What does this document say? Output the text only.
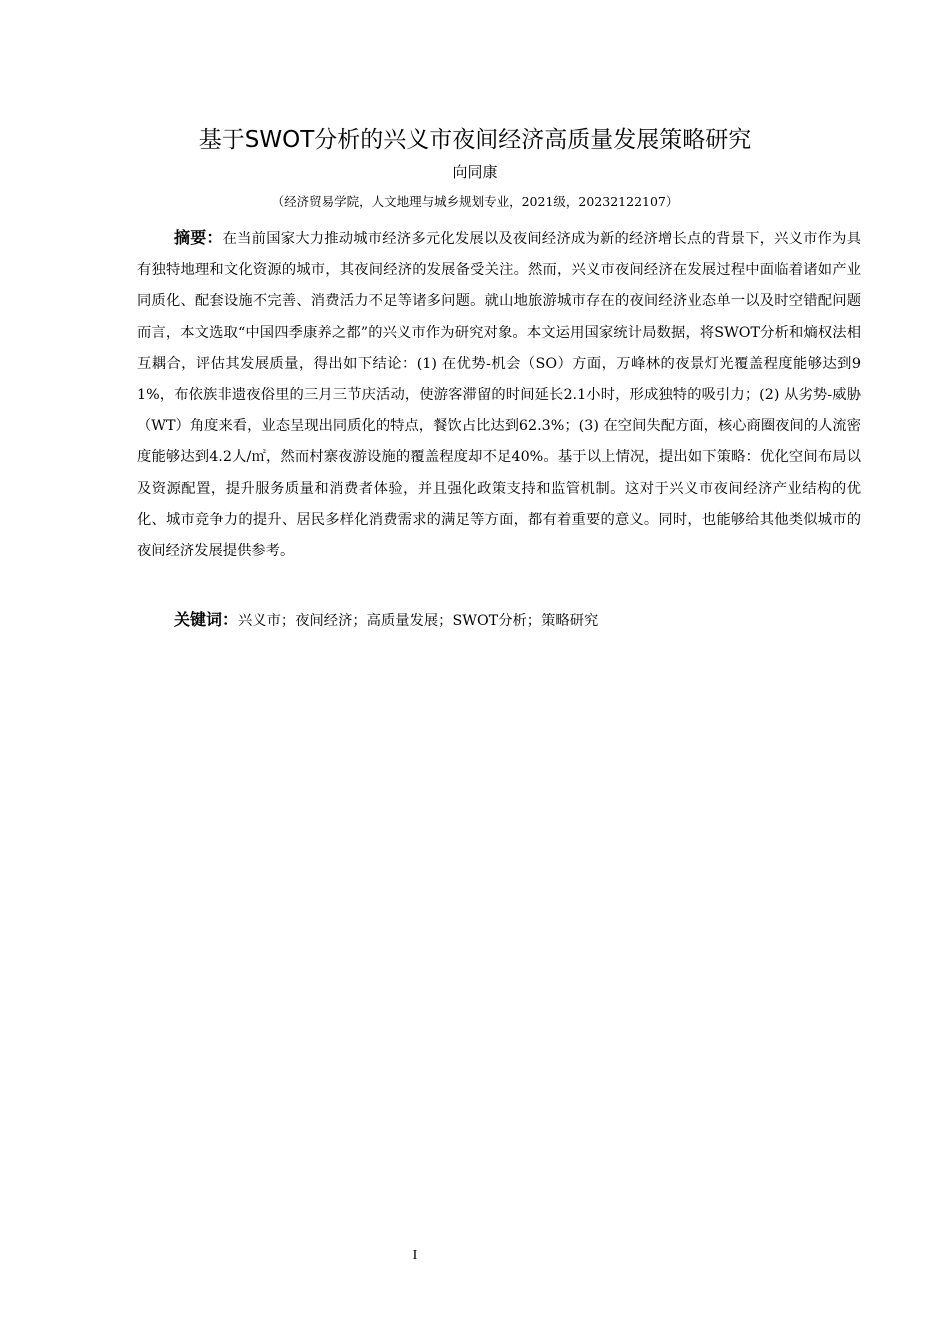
基于SWOT分析的兴义市夜间经济高质量发展策略研究
向同康
（经济贸易学院，人文地理与城乡规划专业，2021级，20232122107）

摘要：在当前国家大力推动城市经济多元化发展以及夜间经济成为新的经济增长点的背景下，兴义市作为具有独特地理和文化资源的城市，其夜间经济的发展备受关注。然而，兴义市夜间经济在发展过程中面临着诸如产业同质化、配套设施不完善、消费活力不足等诸多问题。就山地旅游城市存在的夜间经济业态单一以及时空错配问题而言，本文选取“中国四季康养之都”的兴义市作为研究对象。本文运用国家统计局数据，将SWOT分析和熵权法相互耦合，评估其发展质量，得出如下结论：(1) 在优势-机会（SO）方面，万峰林的夜景灯光覆盖程度能够达到91%，布依族非遗夜俗里的三月三节庆活动，使游客滞留的时间延长2.1小时，形成独特的吸引力；(2) 从劣势-威胁（WT）角度来看，业态呈现出同质化的特点，餐饮占比达到62.3%；(3) 在空间失配方面，核心商圈夜间的人流密度能够达到4.2人/㎡，然而村寨夜游设施的覆盖程度却不足40%。基于以上情况，提出如下策略：优化空间布局以及资源配置，提升服务质量和消费者体验，并且强化政策支持和监管机制。这对于兴义市夜间经济产业结构的优化、城市竞争力的提升、居民多样化消费需求的满足等方面，都有着重要的意义。同时，也能够给其他类似城市的夜间经济发展提供参考。

关键词：兴义市；夜间经济；高质量发展；SWOT分析；策略研究

I
